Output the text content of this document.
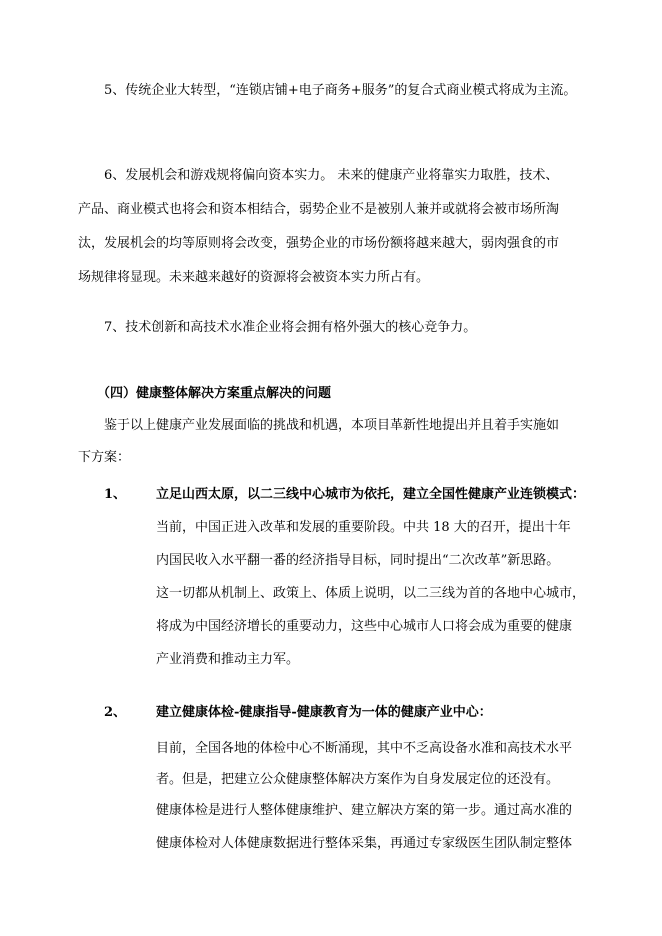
5、传统企业大转型，“连锁店铺+电子商务+服务”的复合式商业模式将成为主流。
6、发展机会和游戏规将偏向资本实力。 未来的健康产业将靠实力取胜，技术、
产品、商业模式也将会和资本相结合，弱势企业不是被别人兼并或就将会被市场所淘
汰，发展机会的均等原则将会改变，强势企业的市场份额将越来越大，弱肉强食的市
场规律将显现。未来越来越好的资源将会被资本实力所占有。
7、技术创新和高技术水准企业将会拥有格外强大的核心竞争力。
（四）健康整体解决方案重点解决的问题
鉴于以上健康产业发展面临的挑战和机遇，本项目革新性地提出并且着手实施如
下方案：
1、 立足山西太原，以二三线中心城市为依托，建立全国性健康产业连锁模式：
当前，中国正进入改革和发展的重要阶段。中共 18 大的召开，提出十年
内国民收入水平翻一番的经济指导目标，同时提出“二次改革”新思路。
这一切都从机制上、政策上、体质上说明，以二三线为首的各地中心城市，
将成为中国经济增长的重要动力，这些中心城市人口将会成为重要的健康
产业消费和推动主力军。
2、 建立健康体检-健康指导-健康教育为一体的健康产业中心：
目前，全国各地的体检中心不断涌现，其中不乏高设备水准和高技术水平
者。但是，把建立公众健康整体解决方案作为自身发展定位的还没有。
健康体检是进行人整体健康维护、建立解决方案的第一步。通过高水准的
健康体检对人体健康数据进行整体采集，再通过专家级医生团队制定整体
